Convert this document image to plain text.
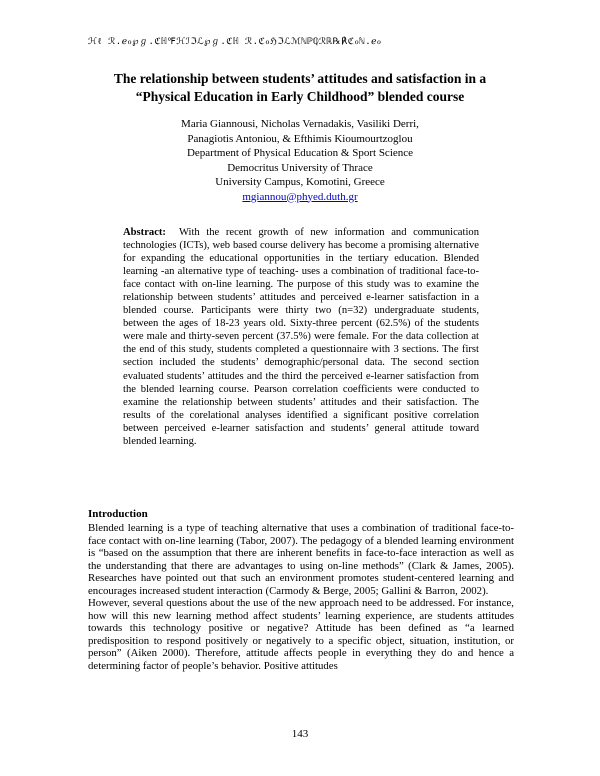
ℋℓ ℛ.ℯℴ℘ℊ.ℭℍ℉ℋℐℑℒ℘ℊ.ℭℍ ℛ.ℭℴℌℑℒℳℕℙℚℛℝ℞℟ℭℴℕ.ℯℴ
The relationship between students’ attitudes and satisfaction in a
“Physical Education in Early Childhood” blended course
Maria Giannousi, Nicholas Vernadakis, Vasiliki Derri,
Panagiotis Antoniou, & Efthimis Kioumourtzoglou
Department of Physical Education & Sport Science
Democritus University of Thrace
University Campus, Komotini, Greece
mgiannou@phyed.duth.gr
Abstract: With the recent growth of new information and communication technologies (ICTs), web based course delivery has become a promising alternative for expanding the educational opportunities in the tertiary education. Blended learning -an alternative type of teaching- uses a combination of traditional face-to-face contact with on-line learning. The purpose of this study was to examine the relationship between students’ attitudes and perceived e-learner satisfaction in a blended course. Participants were thirty two (n=32) undergraduate students, between the ages of 18-23 years old. Sixty-three percent (62.5%) of the students were male and thirty-seven percent (37.5%) were female. For the data collection at the end of this study, students completed a questionnaire with 3 sections. The first section included the students’ demographic/personal data. The second section evaluated students’ attitudes and the third the perceived e-learner satisfaction from the blended learning course. Pearson correlation coefficients were conducted to examine the relationship between students’ attitudes and their satisfaction. The results of the corelational analyses identified a significant positive correlation between perceived e-learner satisfaction and students’ general attitude toward blended learning.
Introduction

Blended learning is a type of teaching alternative that uses a combination of traditional face-to-face contact with on-line learning (Tabor, 2007). The pedagogy of a blended learning environment is “based on the assumption that there are inherent benefits in face-to-face interaction as well as the understanding that there are advantages to using on-line methods” (Clark & James, 2005). Researches have pointed out that such an environment promotes student-centered learning and encourages increased student interaction (Carmody & Berge, 2005; Gallini & Barron, 2002).

However, several questions about the use of the new approach need to be addressed. For instance, how will this new learning method affect students’ learning experience, are students attitudes towards this technology positive or negative? Attitude has been defined as “a learned predisposition to respond positively or negatively to a specific object, situation, institution, or person” (Aiken 2000). Therefore, attitude affects people in everything they do and hence a determining factor of people’s behavior. Positive attitudes

143
